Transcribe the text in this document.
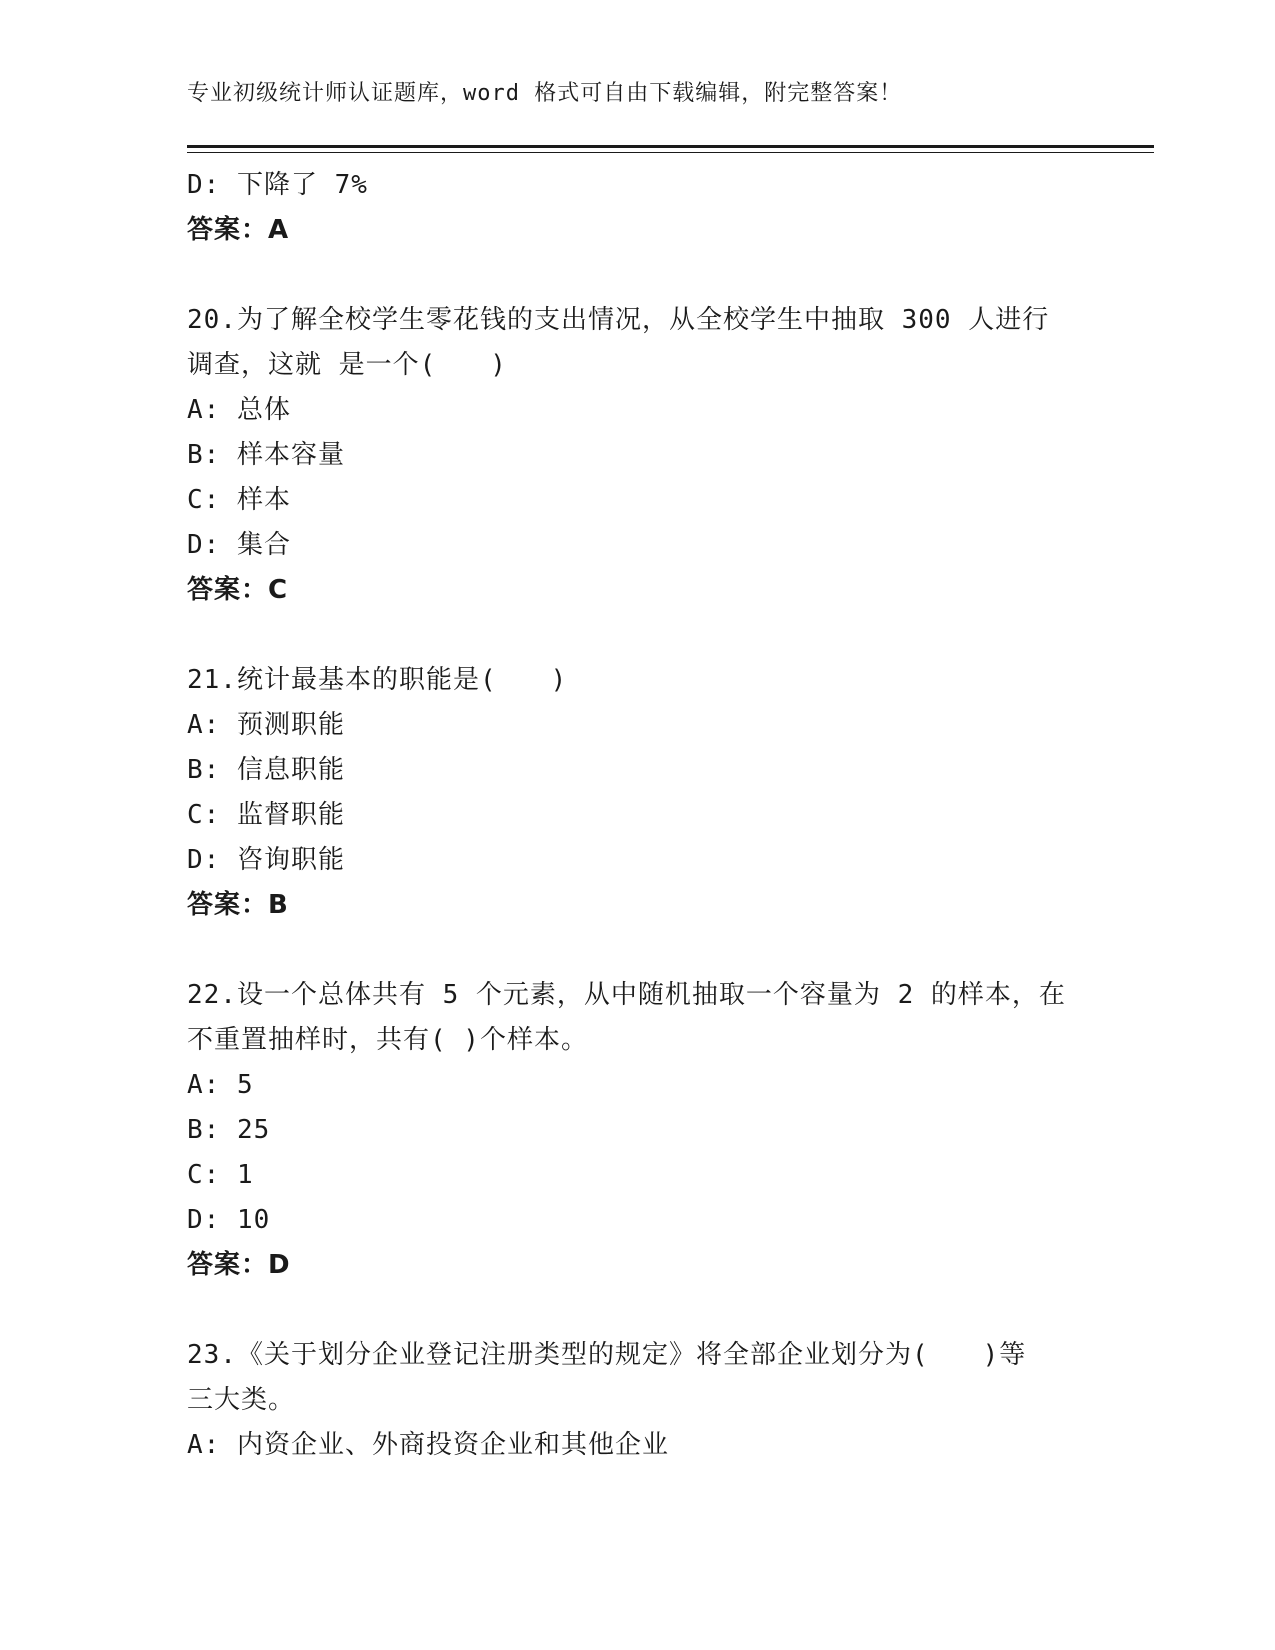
专业初级统计师认证题库，word 格式可自由下载编辑，附完整答案！
D: 下降了 7%
答案：A
20.为了解全校学生零花钱的支出情况，从全校学生中抽取 300 人进行
调查，这就 是一个(　　)
A: 总体
B: 样本容量
C: 样本
D: 集合
答案：C
21.统计最基本的职能是(　　)
A: 预测职能
B: 信息职能
C: 监督职能
D: 咨询职能
答案：B
22.设一个总体共有 5 个元素，从中随机抽取一个容量为 2 的样本，在
不重置抽样时，共有( )个样本。
A: 5
B: 25
C: 1
D: 10
答案：D
23.《关于划分企业登记注册类型的规定》将全部企业划分为(　　)等
三大类。
A: 内资企业、外商投资企业和其他企业
